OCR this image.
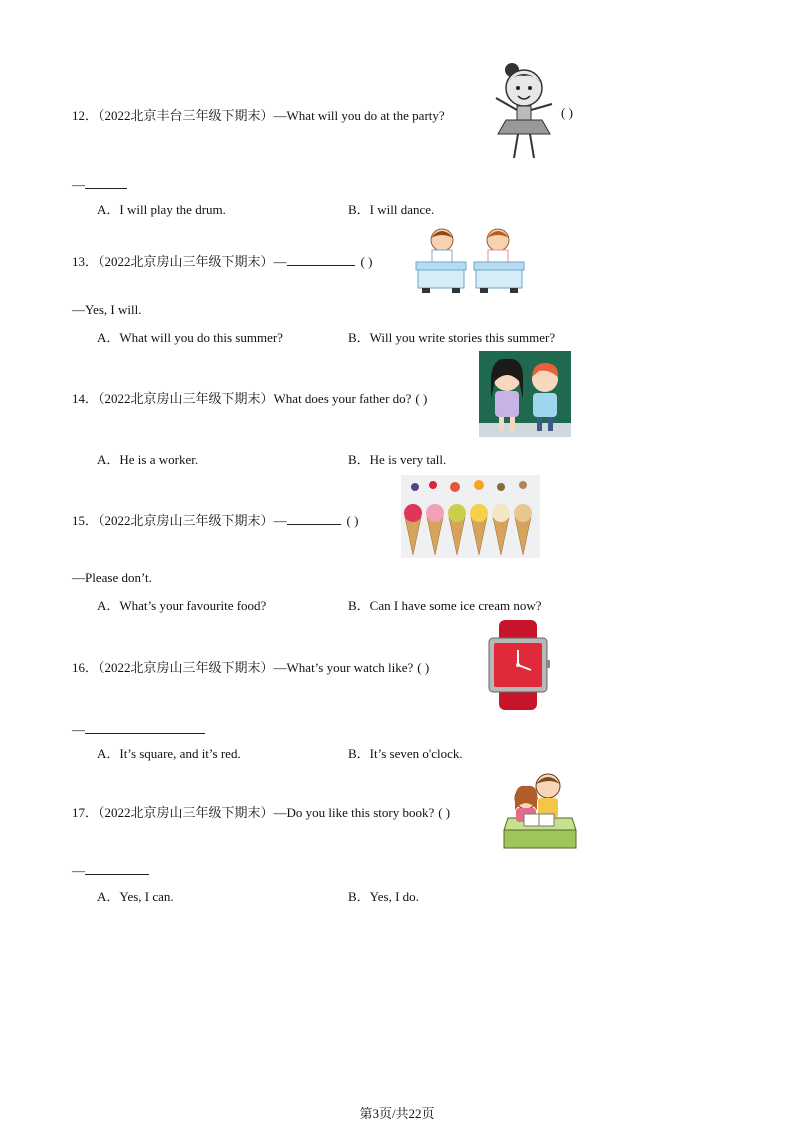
12．（2022北京丰台三年级下期末）—What will you do at the party?	( )
—
A．I will play the drum.	B．I will dance.
13．（2022北京房山三年级下期末）—	( )
—Yes, I will.
A．What will you do this summer?	B．Will you write stories this summer?
14．（2022北京房山三年级下期末）What does your father do? ( )
A．He is a worker.	B．He is very tall.
15．（2022北京房山三年级下期末）—	( )
—Please don’t.
A．What’s your favourite food?	B．Can I have some ice cream now?
16．（2022北京房山三年级下期末）—What’s your watch like? ( )
—
A．It’s square, and it’s red.	B．It’s seven o'clock.
17．（2022北京房山三年级下期末）—Do you like this story book? ( )
—
A．Yes, I can.	B．Yes, I do.
第3页/共22页
